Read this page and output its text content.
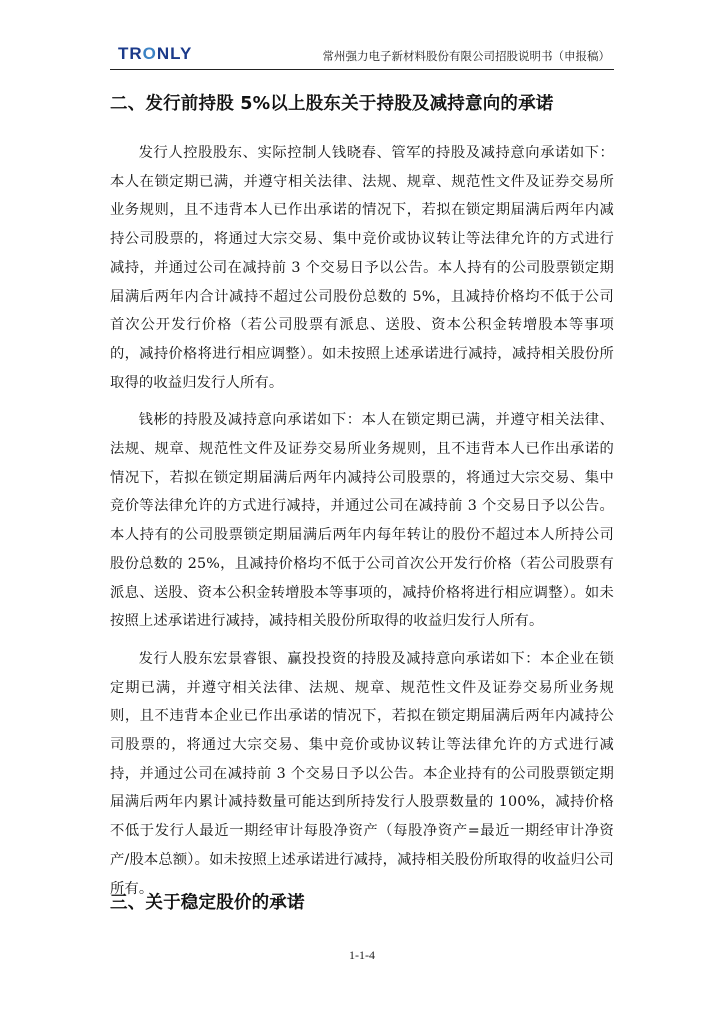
TRONLY	常州强力电子新材料股份有限公司招股说明书（申报稿）
二、发行前持股 5%以上股东关于持股及减持意向的承诺

发行人控股股东、实际控制人钱晓春、管军的持股及减持意向承诺如下：本人在锁定期已满，并遵守相关法律、法规、规章、规范性文件及证券交易所业务规则，且不违背本人已作出承诺的情况下，若拟在锁定期届满后两年内减持公司股票的，将通过大宗交易、集中竞价或协议转让等法律允许的方式进行减持，并通过公司在减持前 3 个交易日予以公告。本人持有的公司股票锁定期届满后两年内合计减持不超过公司股份总数的 5%，且减持价格均不低于公司首次公开发行价格（若公司股票有派息、送股、资本公积金转增股本等事项的，减持价格将进行相应调整）。如未按照上述承诺进行减持，减持相关股份所取得的收益归发行人所有。

钱彬的持股及减持意向承诺如下：本人在锁定期已满，并遵守相关法律、法规、规章、规范性文件及证券交易所业务规则，且不违背本人已作出承诺的情况下，若拟在锁定期届满后两年内减持公司股票的，将通过大宗交易、集中竞价等法律允许的方式进行减持，并通过公司在减持前 3 个交易日予以公告。本人持有的公司股票锁定期届满后两年内每年转让的股份不超过本人所持公司股份总数的 25%，且减持价格均不低于公司首次公开发行价格（若公司股票有派息、送股、资本公积金转增股本等事项的，减持价格将进行相应调整）。如未按照上述承诺进行减持，减持相关股份所取得的收益归发行人所有。

发行人股东宏景睿银、赢投投资的持股及减持意向承诺如下：本企业在锁定期已满，并遵守相关法律、法规、规章、规范性文件及证券交易所业务规则，且不违背本企业已作出承诺的情况下，若拟在锁定期届满后两年内减持公司股票的，将通过大宗交易、集中竞价或协议转让等法律允许的方式进行减持，并通过公司在减持前 3 个交易日予以公告。本企业持有的公司股票锁定期届满后两年内累计减持数量可能达到所持发行人股票数量的 100%，减持价格不低于发行人最近一期经审计每股净资产（每股净资产=最近一期经审计净资产/股本总额）。如未按照上述承诺进行减持，减持相关股份所取得的收益归公司所有。

三、关于稳定股价的承诺
1-1-4
